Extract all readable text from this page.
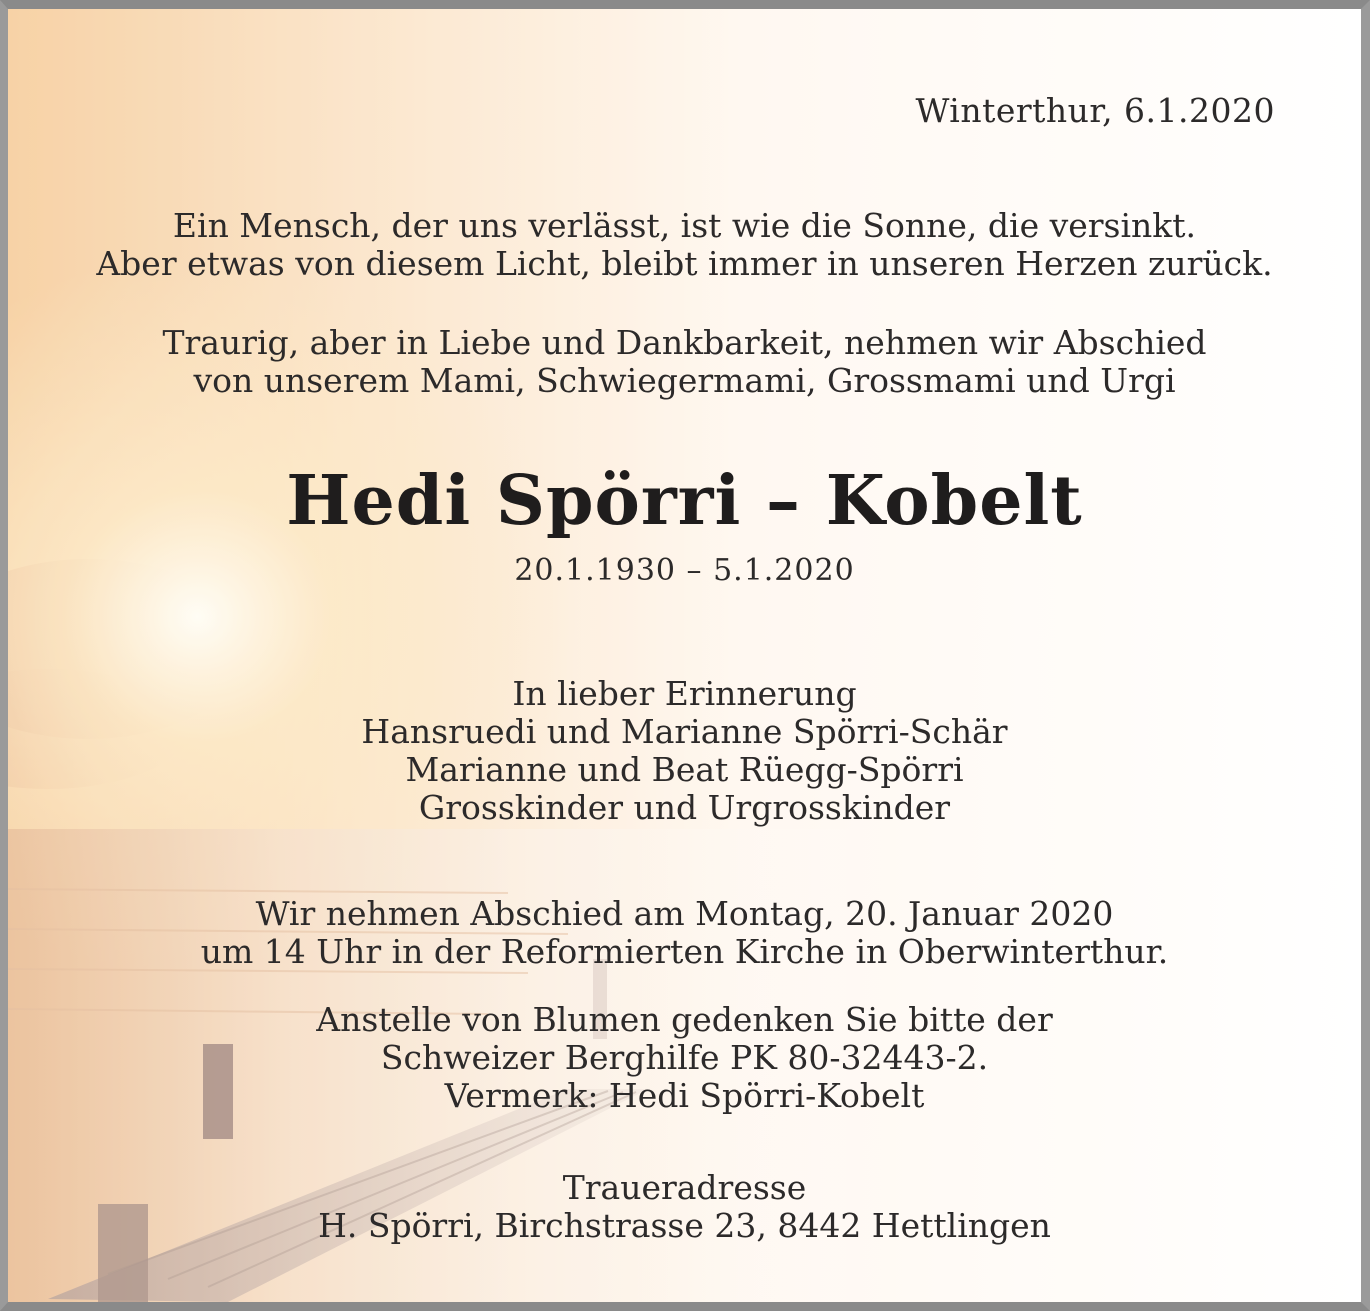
Winterthur, 6.1.2020
Ein Mensch, der uns verlässt, ist wie die Sonne, die versinkt.
Aber etwas von diesem Licht, bleibt immer in unseren Herzen zurück.
Traurig, aber in Liebe und Dankbarkeit, nehmen wir Abschied
von unserem Mami, Schwiegermami, Grossmami und Urgi
Hedi Spörri – Kobelt
20.1.1930 – 5.1.2020
In lieber Erinnerung
Hansruedi und Marianne Spörri-Schär
Marianne und Beat Rüegg-Spörri
Grosskinder und Urgrosskinder
Wir nehmen Abschied am Montag, 20. Januar 2020
um 14 Uhr in der Reformierten Kirche in Oberwinterthur.
Anstelle von Blumen gedenken Sie bitte der
Schweizer Berghilfe PK 80-32443-2.
Vermerk: Hedi Spörri-Kobelt
Traueradresse
H. Spörri, Birchstrasse 23, 8442 Hettlingen
